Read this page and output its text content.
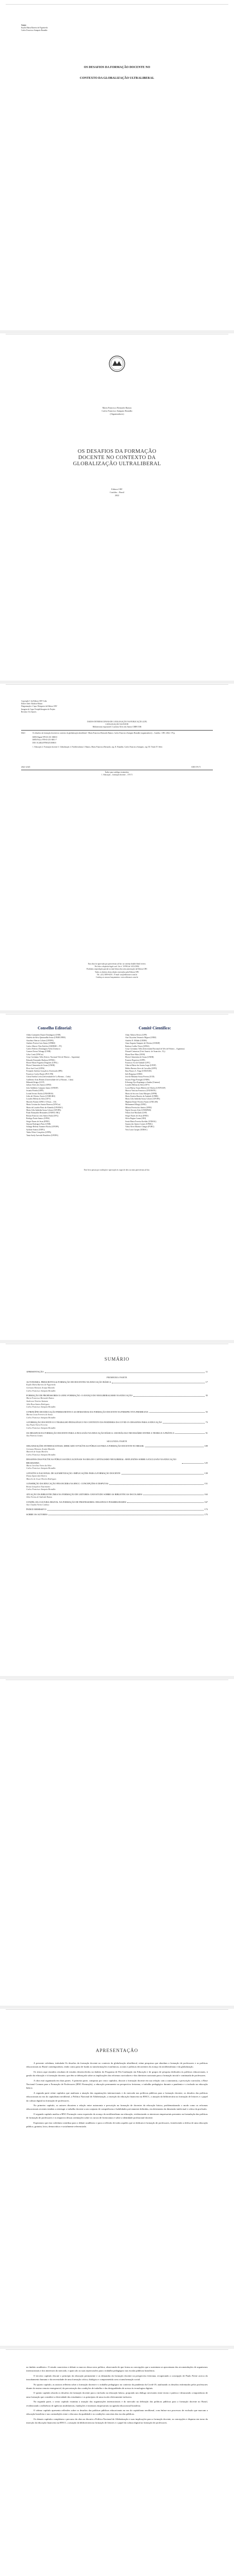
Autor:
Kaylla Maria Barreto de Figueiredo
Carlos Francisco Sampaio Brandão
OS DESAFIOS DA FORMAÇÃO DOCENTE NO
CONTEXTO DA GLOBALIZAÇÃO ULTRALIBERAL
Maria Francisco Bernardo Ramos
Carlos Francisco Sampaio Brandão
(Organizadores)
OS DESAFIOS DA FORMAÇÃO
DOCENTE NO CONTEXTO DA
GLOBALIZAÇÃO ULTRALIBERAL
Editora CRV
Curitiba – Brasil
2022
Copyright © da Editora CRV Ltda.
Editor-chefe: Railson Moura
Diagramação e Capa: Designers da Editora CRV
Imagem de Capa: Freepik/Imagens do Projeto
Revisão: Os Autores
DADOS INTERNACIONAIS DE CATALOGAÇÃO NA PUBLICAÇÃO (CIP)
CATALOGAÇÃO NA FONTE
Bibliotecária responsável: Luzenira Alves dos Santos CRB9/1506
D441	Os desafios da formação docente no contexto da globalização ultraliberal / Maria Francisca Bernardo Ramos, Carlos Francisco Sampaio Brandão (organizadores) – Curitiba : CRV, 2022. 176 p.
ISBN Digital 978-65-251-0000-0
ISBN Físico 978-65-251-0001-7
DOI 10.24824/978652510000.0
1. Educação 2. Formação docente 3. Globalização 4. Neoliberalismo I. Ramos, Maria Francisca Bernardo, org. II. Brandão, Carlos Francisco Sampaio, org. III. Título IV. Série.
2022-12345	CDD 370.71
Índice para catálogo sistemático
1. Educação – formação docente – 370.71
Esta obra foi aprovada por pareceristas ad hoc no sistema double blind review.
Foi feito o depósito legal conf. Lei nº 10.994 de 14/12/2004.
Proibida a reprodução parcial ou total desta obra sem autorização da Editora CRV.
Todos os direitos desta edição reservados pela Editora CRV.
Tel.: (41) 3039-6418 – E-mail: sac@editoracrv.com.br
Conheça os nossos lançamentos: www.editoracrv.com.br
Conselho Editorial:	Comitê Científico:
Aldira Guimarães Duarte Domínguez (UNB)
Andréia da Silva Quintanilha Sousa (UNIR/UFRN)
Anselmo Alencar Colares (UFOPA)
Antônio Pereira Gaio Júnior (UFRRJ)
Carlos Alberto Vilar Estêvão (UMINHO – PT)
Carlos Federico Dominguez Avila (Unieuro)
Carmen Tereza Velanga (UNIR)
Celso Conti (UFSCar)
Cesar Gerónimo Tello (Univer. Nacional Três de Febrero – Argentina)
Eduardo Fernandes Barbosa (UFMG)
Elione Maria Nogueira Diogenes (UFAL)
Elizeu Clementino de Souza (UNEB)
Élsio José Corá (UFFS)
Fernando Antônio Gonçalves Alcoforado (IPB)
Francisco Carlos Duarte (PUC-PR)
Gloria Fariñas León (Universidade de La Havana – Cuba)
Guillermo Arias Beatón (Universidade de La Havana – Cuba)
Helmuth Krüger (UCP)
Jailson Alves dos Santos (UFRJ)
João Adalberto Campato Junior (UNESP)
Josania Portela (UFPI)
Leonel Severo Rocha (UNISINOS)
Lídia de Oliveira Xavier (UNIEURO)
Lourdes Helena da Silva (UFV)
Marcelo Paixão (UFRJ e UTexas – US)
Maria Cristina dos Santos Bezerra (UFSCar)
Maria de Lourdes Pinto de Almeida (UNOESC)
Maria Lília Imbiriba Sousa Colares (UFOPA)
Paulo Romualdo Hernandes (UNIFAL-MG)
Renato Francisco dos Santos Paula (UFG)
Rodrigo Pratte-Santos (UFES)
Sérgio Nunes de Jesus (IFRO)
Simone Rodrigues Pinto (UNB)
Solange Helena Ximenes-Rocha (UFOPA)
Sydione Santos (UEPG)
Tadeu Oliver Gonçalves (UFPA)
Tania Suely Azevedo Brasileiro (UFOPA)
Altair Alberto Fávero (UPF)
Ana Chrystina Venancio Mignot (UERJ)
Andréia N. Militão (UEMS)
Anna Augusta Sampaio de Oliveira (UNESP)
Barbara Coelho Neves (UFBA)
Cesar Gerónimo Tello (Universidad Nacional de Três de Febrero – Argentina)
Diosnel Centurion (Univ Americ. de Asunción – Py)
Eliane Rose Maio (UEM)
Elizeu Clementino de Souza (UNEB)
Fauston Negreiros (UFPI)
Francisco Ari de Andrade (UFC)
Gláucia Maria dos Santos Jorge (UFOP)
Helder Buenos Aires de Carvalho (UFPI)
Ilma Passos A. Veiga (UNICEUB)
Inês Bragança (UERJ)
José de Ribamar Sousa Pereira (UCB)
Jussara Fraga Portugal (UNEB)
Kilwangy Kya Kapitango-a-Samba (Unemat)
Lourdes Helena da Silva (UFV)
Lucia Marisy Souza Ribeiro de Oliveira (UNIVASF)
Marcos Vinicius Francisco (UNOESTE)
Maria do Socorro Lima Marques (UFPB)
Maria Eurácia Barreto de Andrade (UFRB)
Maria Lília Imbiriba Sousa Colares (UFOPA)
Míghian Danae Ferreira Nunes (UNILAB)
Mohammed Elhajji (UFRJ)
Mônica Pereira dos Santos (UFRJ)
Najela Tavares Ujiie (UNESPAR)
Nilson José Machado (USP)
Sérgio Nunes de Jesus (IFRO)
Silvia Regina Canan (URI)
Sonia Maria Ferreira Koehler (UNISAL)
Suzana dos Santos Gomes (UFMG)
Vânia Alves Martins Chaigar (FURG)
Vera Lucia Gaspar (UDESC)
Este livro passou por avaliação e aprovação às cegas de dois ou mais pareceristas ad hoc.
SUMÁRIO
APRESENTAÇÃO	11
PRIMEIRA PARTE
AUTONOMIA, PRESCRITIVA & FORMAÇÃO DE DOCENTES NA EDUCAÇÃO BÁSICA	17
Kaylla Maria Barreto de Figueiredo
Germano Menezes Araújo Marinho
Carlos Francisco Sampaio Brandão
FORMAÇÃO DE PROFESSORES E A BNC-FORMAÇÃO: O AVANÇO DO NEOLIBERALISMO NA EDUCAÇÃO	35
Maria Francisca Bernardo Ramos
Anderson Teixeira Santana
Julio Rosa Santos Rodrigues
Carlos Francisco Sampaio Brandão
O PRINCÍPIO DE EDUCAÇÃO PERMANENTE E AS DEMANDAS DA FORMAÇÃO DOCENTE NA PERSPECTIVA FREIREANA	55
Marina Costa Ferreira de Sousa
Carlos Francisco Sampaio Brandão
A FORMAÇÃO DOCENTE E O TRABALHO PEDAGÓGICO NO CONTEXTO DA PANDEMIA DA COVID-19: DESAFIOS PARA A EDUCAÇÃO	73
Ana Paula Vieira Ferreira
Carlos Francisco Sampaio Brandão
OS DESAFIOS DA FORMAÇÃO DOCENTE PARA A INCLUSÃO NA EDUCAÇÃO BÁSICA: UM DIÁLOGO NECESSÁRIO ENTRE A TEORIA E A PRÁTICA	91
Ana Patrícia Gomes
SEGUNDA PARTE
ORGANIZAÇÕES INTERNACIONAIS, MERCADO E POLÍTICAS PÚBLICAS PARA A FORMAÇÃO DOCENTE NO BRASIL	109
Germano Menezes Araújo Marinho
Marcieli de Souza Moreira
Carlos Francisco Sampaio Brandão
DESAFIOS DAS POLÍTICAS PÚBLICAS EDUCACIONAIS NA ERA DO CAPITALISMO NEOLIBERAL: REFLEXÕES SOBRE A EXCLUSÃO NA EDUCAÇÃO BRASILEIRA	125
Maria Carolina Vieira da Silva
Carlos Francisco Sampaio Brandão
A POLÍTICA NACIONAL DE ALFABETIZAÇÃO: IMPLICAÇÕES PARA A FORMAÇÃO DOCENTE	139
Diana Aparecida Silveira
Marcelo de Jesus Oliveira Rodrigues
A INSERÇÃO DA EDUCAÇÃO FINANCEIRA NA BNCC: CONCEPÇÕES E DISPUTAS	151
Bruna Gonçalves Nascimento
Carlos Francisco Sampaio Brandão
ATUAÇÃO DA BIBLIOTECÁRIA NA FORMAÇÃO DE LEITORES: UM ESTUDO SOBRE AS BIBLIOTECAS ESCOLARES	163
Aline Farias de Andrade Ramos
O PAPEL DA CULTURA DIGITAL NA FORMAÇÃO DE PROFESSORES: DESAFIOS E POSSIBILIDADES	167
Ana Claudia Vieira Cardoso
ÍNDICE REMISSIVO	173
SOBRE OS AUTORES	175
APRESENTAÇÃO

A presente coletânea, intitulada Os desafios da formação docente no contexto da globalização ultraliberal, reúne pesquisas que abordam a formação de professores e as políticas educacionais no Brasil contemporâneo, tendo como pano de fundo as transformações econômicas, sociais e políticas decorrentes do avanço do neoliberalismo e da globalização.

Os textos aqui reunidos resultam de estudos desenvolvidos no âmbito do Programa de Pós-Graduação em Educação e de grupos de pesquisa dedicados às políticas educacionais, à gestão da educação e à formação docente, que têm se debruçado sobre as implicações das reformas curriculares e das diretrizes nacionais para a formação inicial e continuada de professores.

A obra está organizada em duas partes. A primeira parte, composta por cinco capítulos, discute a formação docente em sua relação com a autonomia, a prescrição curricular, a Base Nacional Comum para a Formação de Professores (BNC-Formação), a educação permanente na perspectiva freireana, o trabalho pedagógico durante a pandemia e a inclusão na educação básica.

A segunda parte reúne capítulos que analisam a atuação das organizações internacionais e do mercado nas políticas públicas para a formação docente, os desafios das políticas educacionais na era do capitalismo neoliberal, a Política Nacional de Alfabetização, a inserção da educação financeira na BNCC, a atuação da bibliotecária na formação de leitores e o papel da cultura digital na formação de professores.

No primeiro capítulo, os autores discutem a relação entre autonomia e prescrição na formação de docentes da educação básica, problematizando o modo como as reformas educacionais recentes tendem a restringir o trabalho docente a um conjunto de competências e habilidades previamente definidas, em detrimento da dimensão intelectual e crítica da profissão.

O segundo capítulo analisa a BNC-Formação como expressão do avanço do neoliberalismo na educação, evidenciando os interesses empresariais presentes na formulação das políticas de formação de professores e os impactos dessas orientações sobre os cursos de licenciatura e sobre a identidade profissional docente.

Esperamos que esta coletânea contribua para o debate acadêmico e para a reflexão de todos aqueles que se dedicam à formação de professores, fortalecendo a defesa de uma educação pública, gratuita, laica, democrática e socialmente referenciada.

no âmbito acadêmico. O estudo caracteriza e debate os marcos dessa nova política, observando de que forma as concepções que a sustentam se aproximam das recomendações de organismos internacionais e dos interesses do mercado, e quais são as suas repercussões para o trabalho pedagógico nas escolas públicas brasileiras.

O terceiro capítulo discute o princípio da educação permanente e as demandas da formação docente na perspectiva freireana, recuperando a concepção de Paulo Freire acerca do inacabamento humano e da necessidade de uma formação crítica, dialógica e comprometida com a transformação social.

No quarto capítulo, as autoras refletem sobre a formação docente e o trabalho pedagógico no contexto da pandemia da Covid-19, analisando os desafios enfrentados pelos professores diante do ensino remoto emergencial, da precarização das condições de trabalho e das desigualdades de acesso às tecnologias digitais.

O quinto capítulo aborda os desafios da formação docente para a inclusão na educação básica, propondo um diálogo necessário entre teoria e prática e destacando a importância de uma formação que considere a diversidade dos estudantes e os princípios de uma escola efetivamente inclusiva.

Na segunda parte, o sexto capítulo examina a atuação das organizações internacionais e do mercado na definição das políticas públicas para a formação docente no Brasil, evidenciando a influência de agências multilaterais, fundações e institutos empresariais na agenda educacional brasileira.

O sétimo capítulo apresenta reflexões sobre os desafios das políticas públicas educacionais na era do capitalismo neoliberal, com ênfase nos processos de exclusão que marcam a educação brasileira e nas contradições entre o discurso da qualidade e as condições concretas das escolas públicas.

Os demais capítulos completam o percurso da obra ao discutir a Política Nacional de Alfabetização e suas implicações para a formação docente, as concepções e disputas em torno da inserção da educação financeira na BNCC, a atuação da bibliotecária na formação de leitores e o papel da cultura digital na formação de professores.
